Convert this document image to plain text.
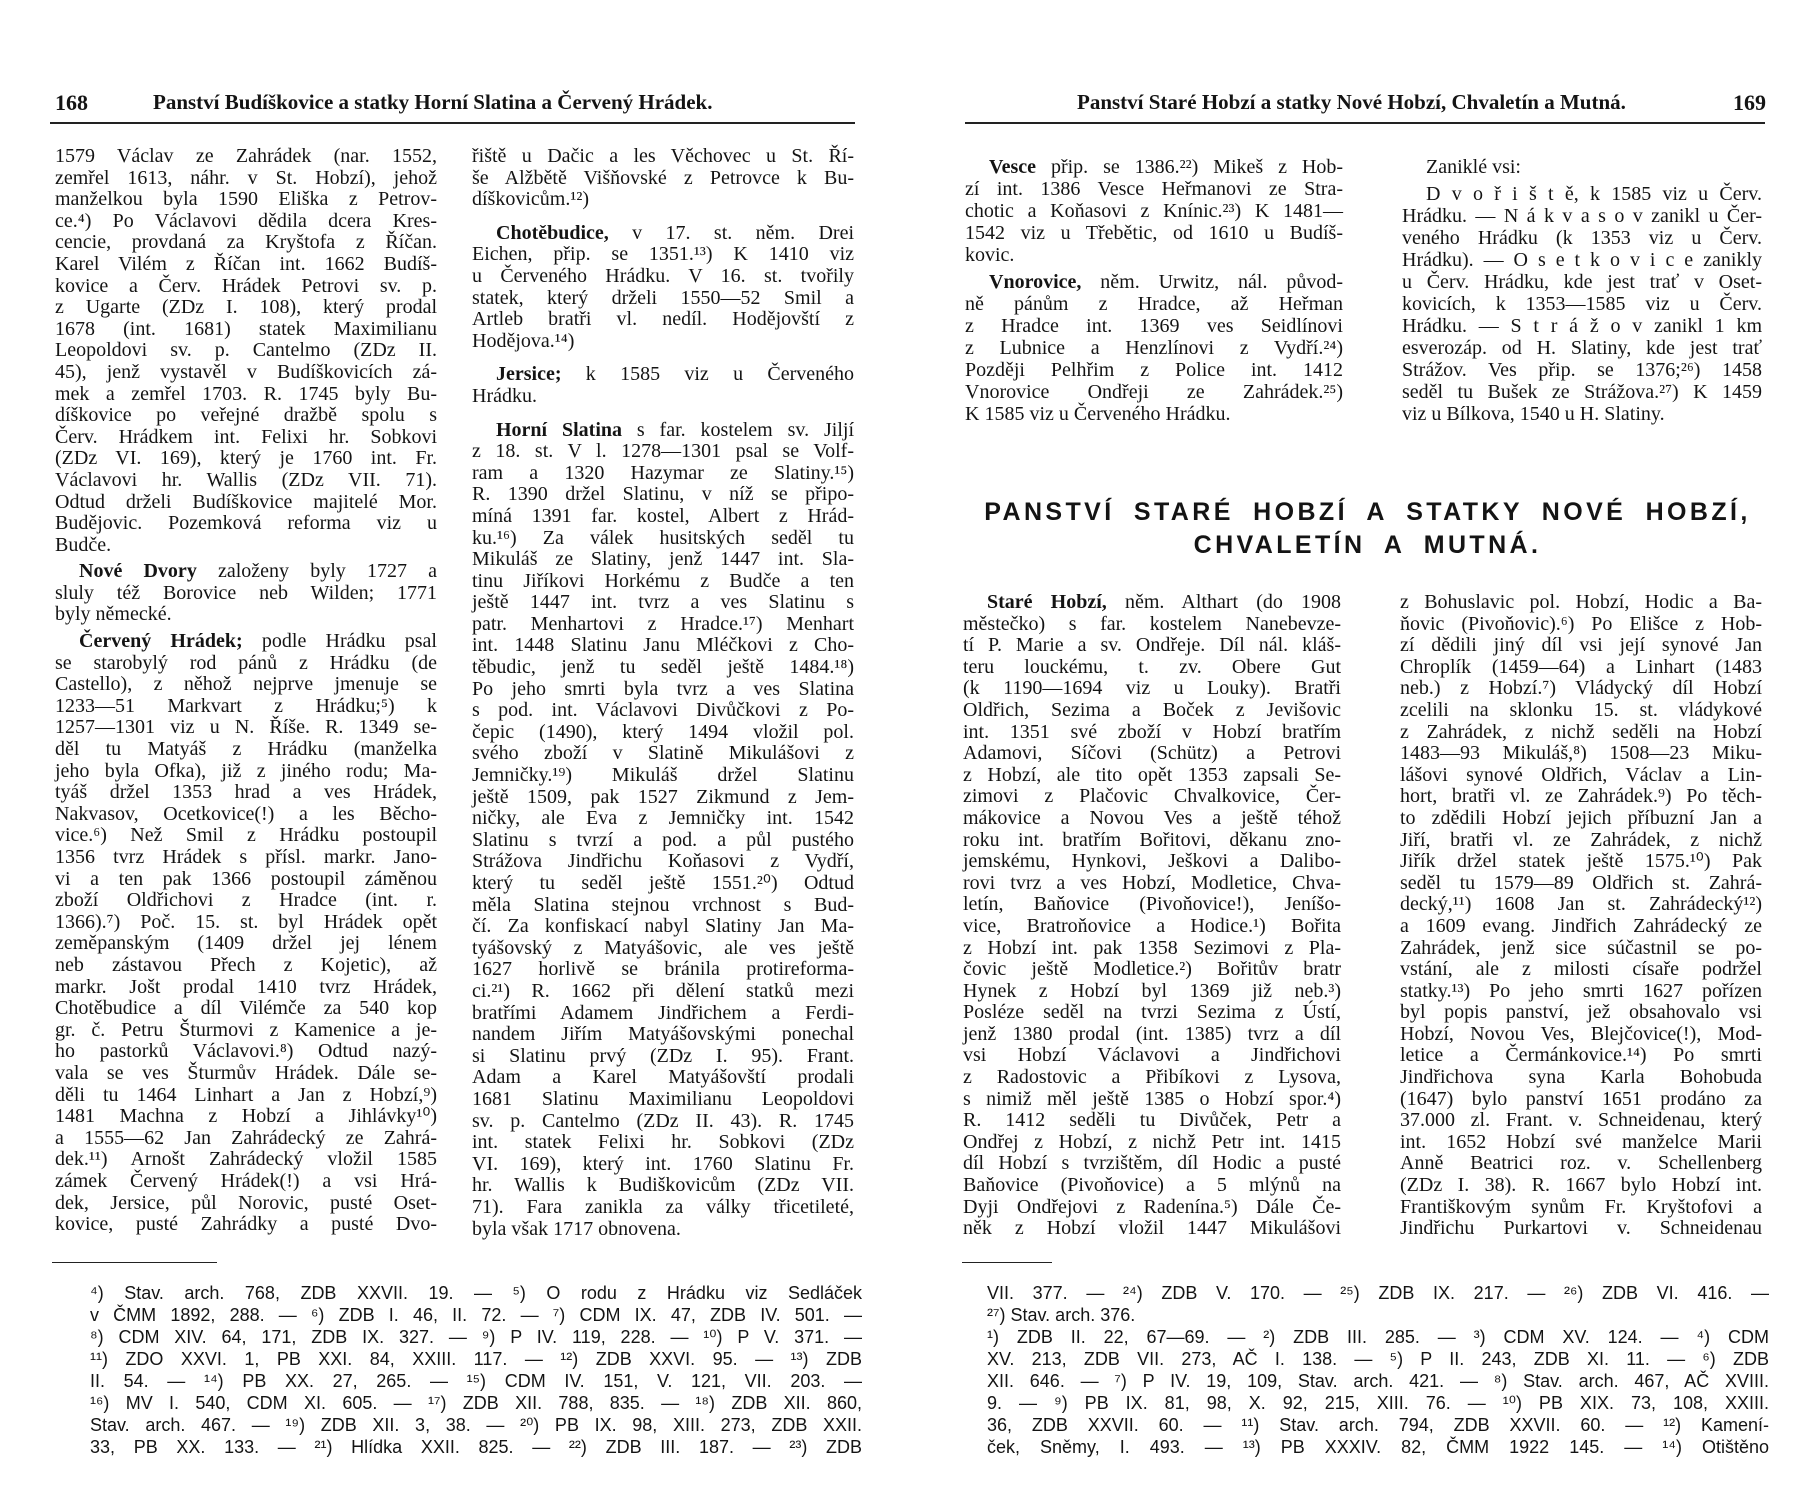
168	Panství Budíškovice a statky Horní Slatina a Červený Hrádek.
1579 Václav ze Zahrádek (nar. 1552,
zemřel 1613, náhr. v St. Hobzí), jehož
manželkou byla 1590 Eliška z Petrov-
ce.⁴) Po Václavovi dědila dcera Kres-
cencie, provdaná za Kryštofa z Říčan.
Karel Vilém z Říčan int. 1662 Budíš-
kovice a Červ. Hrádek Petrovi sv. p.
z Ugarte (ZDz I. 108), který prodal
1678 (int. 1681) statek Maximilianu
Leopoldovi sv. p. Cantelmo (ZDz II.
45), jenž vystavěl v Budíškovicích zá-
mek a zemřel 1703. R. 1745 byly Bu-
díškovice po veřejné dražbě spolu s
Červ. Hrádkem int. Felixi hr. Sobkovi
(ZDz VI. 169), který je 1760 int. Fr.
Václavovi hr. Wallis (ZDz VII. 71).
Odtud drželi Budíškovice majitelé Mor.
Budějovic. Pozemková reforma viz u
Budče.
Nové Dvory založeny byly 1727 a
sluly též Borovice neb Wilden; 1771
byly německé.
Červený Hrádek; podle Hrádku psal
se starobylý rod pánů z Hrádku (de
Castello), z něhož nejprve jmenuje se
1233—51 Markvart z Hrádku;⁵) k
1257—1301 viz u N. Říše. R. 1349 se-
děl tu Matyáš z Hrádku (manželka
jeho byla Ofka), již z jiného rodu; Ma-
tyáš držel 1353 hrad a ves Hrádek,
Nakvasov, Ocetkovice(!) a les Běcho-
vice.⁶) Než Smil z Hrádku postoupil
1356 tvrz Hrádek s přísl. markr. Jano-
vi a ten pak 1366 postoupil záměnou
zboží Oldřichovi z Hradce (int. r.
1366).⁷) Poč. 15. st. byl Hrádek opět
zeměpanským (1409 držel jej lénem
neb zástavou Přech z Kojetic), až
markr. Jošt prodal 1410 tvrz Hrádek,
Chotěbudice a díl Vilémče za 540 kop
gr. č. Petru Šturmovi z Kamenice a je-
ho pastorků Václavovi.⁸) Odtud nazý-
vala se ves Šturmův Hrádek. Dále se-
děli tu 1464 Linhart a Jan z Hobzí,⁹)
1481 Machna z Hobzí a Jihlávky¹⁰)
a 1555—62 Jan Zahrádecký ze Zahrá-
dek.¹¹) Arnošt Zahrádecký vložil 1585
zámek Červený Hrádek(!) a vsi Hrá-
dek, Jersice, půl Norovic, pusté Oset-
kovice, pusté Zahrádky a pusté Dvo-
řiště u Dačic a les Věchovec u St. Ří-
še Alžbětě Višňovské z Petrovce k Bu-
díškovicům.¹²)
Chotěbudice, v 17. st. něm. Drei
Eichen, přip. se 1351.¹³) K 1410 viz
u Červeného Hrádku. V 16. st. tvořily
statek, který drželi 1550—52 Smil a
Artleb bratři vl. nedíl. Hodějovští z
Hodějova.¹⁴)
Jersice; k 1585 viz u Červeného
Hrádku.
Horní Slatina s far. kostelem sv. Jiljí
z 18. st. V l. 1278—1301 psal se Volf-
ram a 1320 Hazymar ze Slatiny.¹⁵)
R. 1390 držel Slatinu, v níž se připo-
míná 1391 far. kostel, Albert z Hrád-
ku.¹⁶) Za válek husitských seděl tu
Mikuláš ze Slatiny, jenž 1447 int. Sla-
tinu Jiříkovi Horkému z Budče a ten
ještě 1447 int. tvrz a ves Slatinu s
patr. Menhartovi z Hradce.¹⁷) Menhart
int. 1448 Slatinu Janu Mléčkovi z Cho-
těbudic, jenž tu seděl ještě 1484.¹⁸)
Po jeho smrti byla tvrz a ves Slatina
s pod. int. Václavovi Divůčkovi z Po-
čepic (1490), který 1494 vložil pol.
svého zboží v Slatině Mikulášovi z
Jemničky.¹⁹) Mikuláš držel Slatinu
ještě 1509, pak 1527 Zikmund z Jem-
ničky, ale Eva z Jemničky int. 1542
Slatinu s tvrzí a pod. a půl pustého
Strážova Jindřichu Koňasovi z Vydří,
který tu seděl ještě 1551.²⁰) Odtud
měla Slatina stejnou vrchnost s Bud-
čí. Za konfiskací nabyl Slatiny Jan Ma-
tyášovský z Matyášovic, ale ves ještě
1627 horlivě se bránila protireforma-
ci.²¹) R. 1662 při dělení statků mezi
bratřími Adamem Jindřichem a Ferdi-
nandem Jiřím Matyášovskými ponechal
si Slatinu prvý (ZDz I. 95). Frant.
Adam a Karel Matyášovští prodali
1681 Slatinu Maximilianu Leopoldovi
sv. p. Cantelmo (ZDz II. 43). R. 1745
int. statek Felixi hr. Sobkovi (ZDz
VI. 169), který int. 1760 Slatinu Fr.
hr. Wallis k Budiškovicům (ZDz VII.
71). Fara zanikla za války třicetileté,
byla však 1717 obnovena.
⁴) Stav. arch. 768, ZDB XXVII. 19. — ⁵) O rodu z Hrádku viz Sedláček
v ČMM 1892, 288. — ⁶) ZDB I. 46, II. 72. — ⁷) CDM IX. 47, ZDB IV. 501. —
⁸) CDM XIV. 64, 171, ZDB IX. 327. — ⁹) P IV. 119, 228. — ¹⁰) P V. 371. —
¹¹) ZDO XXVI. 1, PB XXI. 84, XXIII. 117. — ¹²) ZDB XXVI. 95. — ¹³) ZDB
II. 54. — ¹⁴) PB XX. 27, 265. — ¹⁵) CDM IV. 151, V. 121, VII. 203. —
¹⁶) MV I. 540, CDM XI. 605. — ¹⁷) ZDB XII. 788, 835. — ¹⁸) ZDB XII. 860,
Stav. arch. 467. — ¹⁹) ZDB XII. 3, 38. — ²⁰) PB IX. 98, XIII. 273, ZDB XXII.
33, PB XX. 133. — ²¹) Hlídka XXII. 825. — ²²) ZDB III. 187. — ²³) ZDB
Panství Staré Hobzí a statky Nové Hobzí, Chvaletín a Mutná.	169
Vesce přip. se 1386.²²) Mikeš z Hob-
zí int. 1386 Vesce Heřmanovi ze Stra-
chotic a Koňasovi z Knínic.²³) K 1481—
1542 viz u Třebětic, od 1610 u Budíš-
kovic.
Vnorovice, něm. Urwitz, nál. původ-
ně pánům z Hradce, až Heřman
z Hradce int. 1369 ves Seidlínovi
z Lubnice a Henzlínovi z Vydří.²⁴)
Později Pelhřim z Police int. 1412
Vnorovice Ondřeji ze Zahrádek.²⁵)
K 1585 viz u Červeného Hrádku.
Zaniklé vsi:
D v o ř i š t ě, k 1585 viz u Červ.
Hrádku. — N á k v a s o v zanikl u Čer-
veného Hrádku (k 1353 viz u Červ.
Hrádku). — O s e t k o v i c e zanikly
u Červ. Hrádku, kde jest trať v Oset-
kovicích, k 1353—1585 viz u Červ.
Hrádku. — S t r á ž o v zanikl 1 km
esverozáp. od H. Slatiny, kde jest trať
Strážov. Ves přip. se 1376;²⁶) 1458
seděl tu Bušek ze Strážova.²⁷) K 1459
viz u Bílkova, 1540 u H. Slatiny.
PANSTVÍ STARÉ HOBZÍ A STATKY NOVÉ HOBZÍ,
CHVALETÍN A MUTNÁ.
Staré Hobzí, něm. Althart (do 1908
městečko) s far. kostelem Nanebevze-
tí P. Marie a sv. Ondřeje. Díl nál. kláš-
teru louckému, t. zv. Obere Gut
(k 1190—1694 viz u Louky). Bratři
Oldřich, Sezima a Boček z Jevišovic
int. 1351 své zboží v Hobzí bratřím
Adamovi, Síčovi (Schütz) a Petrovi
z Hobzí, ale tito opět 1353 zapsali Se-
zimovi z Plačovic Chvalkovice, Čer-
mákovice a Novou Ves a ještě téhož
roku int. bratřím Bořitovi, děkanu zno-
jemskému, Hynkovi, Ješkovi a Dalibo-
rovi tvrz a ves Hobzí, Modletice, Chva-
letín, Baňovice (Pivoňovice!), Jeníšo-
vice, Bratroňovice a Hodice.¹) Bořita
z Hobzí int. pak 1358 Sezimovi z Pla-
čovic ještě Modletice.²) Bořitův bratr
Hynek z Hobzí byl 1369 již neb.³)
Posléze seděl na tvrzi Sezima z Ústí,
jenž 1380 prodal (int. 1385) tvrz a díl
vsi Hobzí Václavovi a Jindřichovi
z Radostovic a Přibíkovi z Lysova,
s nimiž měl ještě 1385 o Hobzí spor.⁴)
R. 1412 seděli tu Divůček, Petr a
Ondřej z Hobzí, z nichž Petr int. 1415
díl Hobzí s tvrzištěm, díl Hodic a pusté
Baňovice (Pivoňovice) a 5 mlýnů na
Dyji Ondřejovi z Radenína.⁵) Dále Če-
něk z Hobzí vložil 1447 Mikulášovi
z Bohuslavic pol. Hobzí, Hodic a Ba-
ňovic (Pivoňovic).⁶) Po Elišce z Hob-
zí dědili jiný díl vsi její synové Jan
Chroplík (1459—64) a Linhart (1483
neb.) z Hobzí.⁷) Vládycký díl Hobzí
zcelili na sklonku 15. st. vládykové
z Zahrádek, z nichž seděli na Hobzí
1483—93 Mikuláš,⁸) 1508—23 Miku-
lášovi synové Oldřich, Václav a Lin-
hort, bratři vl. ze Zahrádek.⁹) Po těch-
to zdědili Hobzí jejich příbuzní Jan a
Jiří, bratři vl. ze Zahrádek, z nichž
Jiřík držel statek ještě 1575.¹⁰) Pak
seděl tu 1579—89 Oldřich st. Zahrá-
decký,¹¹) 1608 Jan st. Zahrádecký¹²)
a 1609 evang. Jindřich Zahrádecký ze
Zahrádek, jenž sice súčastnil se po-
vstání, ale z milosti císaře podržel
statky.¹³) Po jeho smrti 1627 pořízen
byl popis panství, jež obsahovalo vsi
Hobzí, Novou Ves, Blejčovice(!), Mod-
letice a Čermánkovice.¹⁴) Po smrti
Jindřichova syna Karla Bohobuda
(1647) bylo panství 1651 prodáno za
37.000 zl. Frant. v. Schneidenau, který
int. 1652 Hobzí své manželce Marii
Anně Beatrici roz. v. Schellenberg
(ZDz I. 38). R. 1667 bylo Hobzí int.
Františkovým synům Fr. Kryštofovi a
Jindřichu Purkartovi v. Schneidenau
VII. 377. — ²⁴) ZDB V. 170. — ²⁵) ZDB IX. 217. — ²⁶) ZDB VI. 416. —
²⁷) Stav. arch. 376.
¹) ZDB II. 22, 67—69. — ²) ZDB III. 285. — ³) CDM XV. 124. — ⁴) CDM
XV. 213, ZDB VII. 273, AČ I. 138. — ⁵) P II. 243, ZDB XI. 11. — ⁶) ZDB
XII. 646. — ⁷) P IV. 19, 109, Stav. arch. 421. — ⁸) Stav. arch. 467, AČ XVIII.
9. — ⁹) PB IX. 81, 98, X. 92, 215, XIII. 76. — ¹⁰) PB XIX. 73, 108, XXIII.
36, ZDB XXVII. 60. — ¹¹) Stav. arch. 794, ZDB XXVII. 60. — ¹²) Kamení-
ček, Sněmy, I. 493. — ¹³) PB XXXIV. 82, ČMM 1922 145. — ¹⁴) Otištěno
